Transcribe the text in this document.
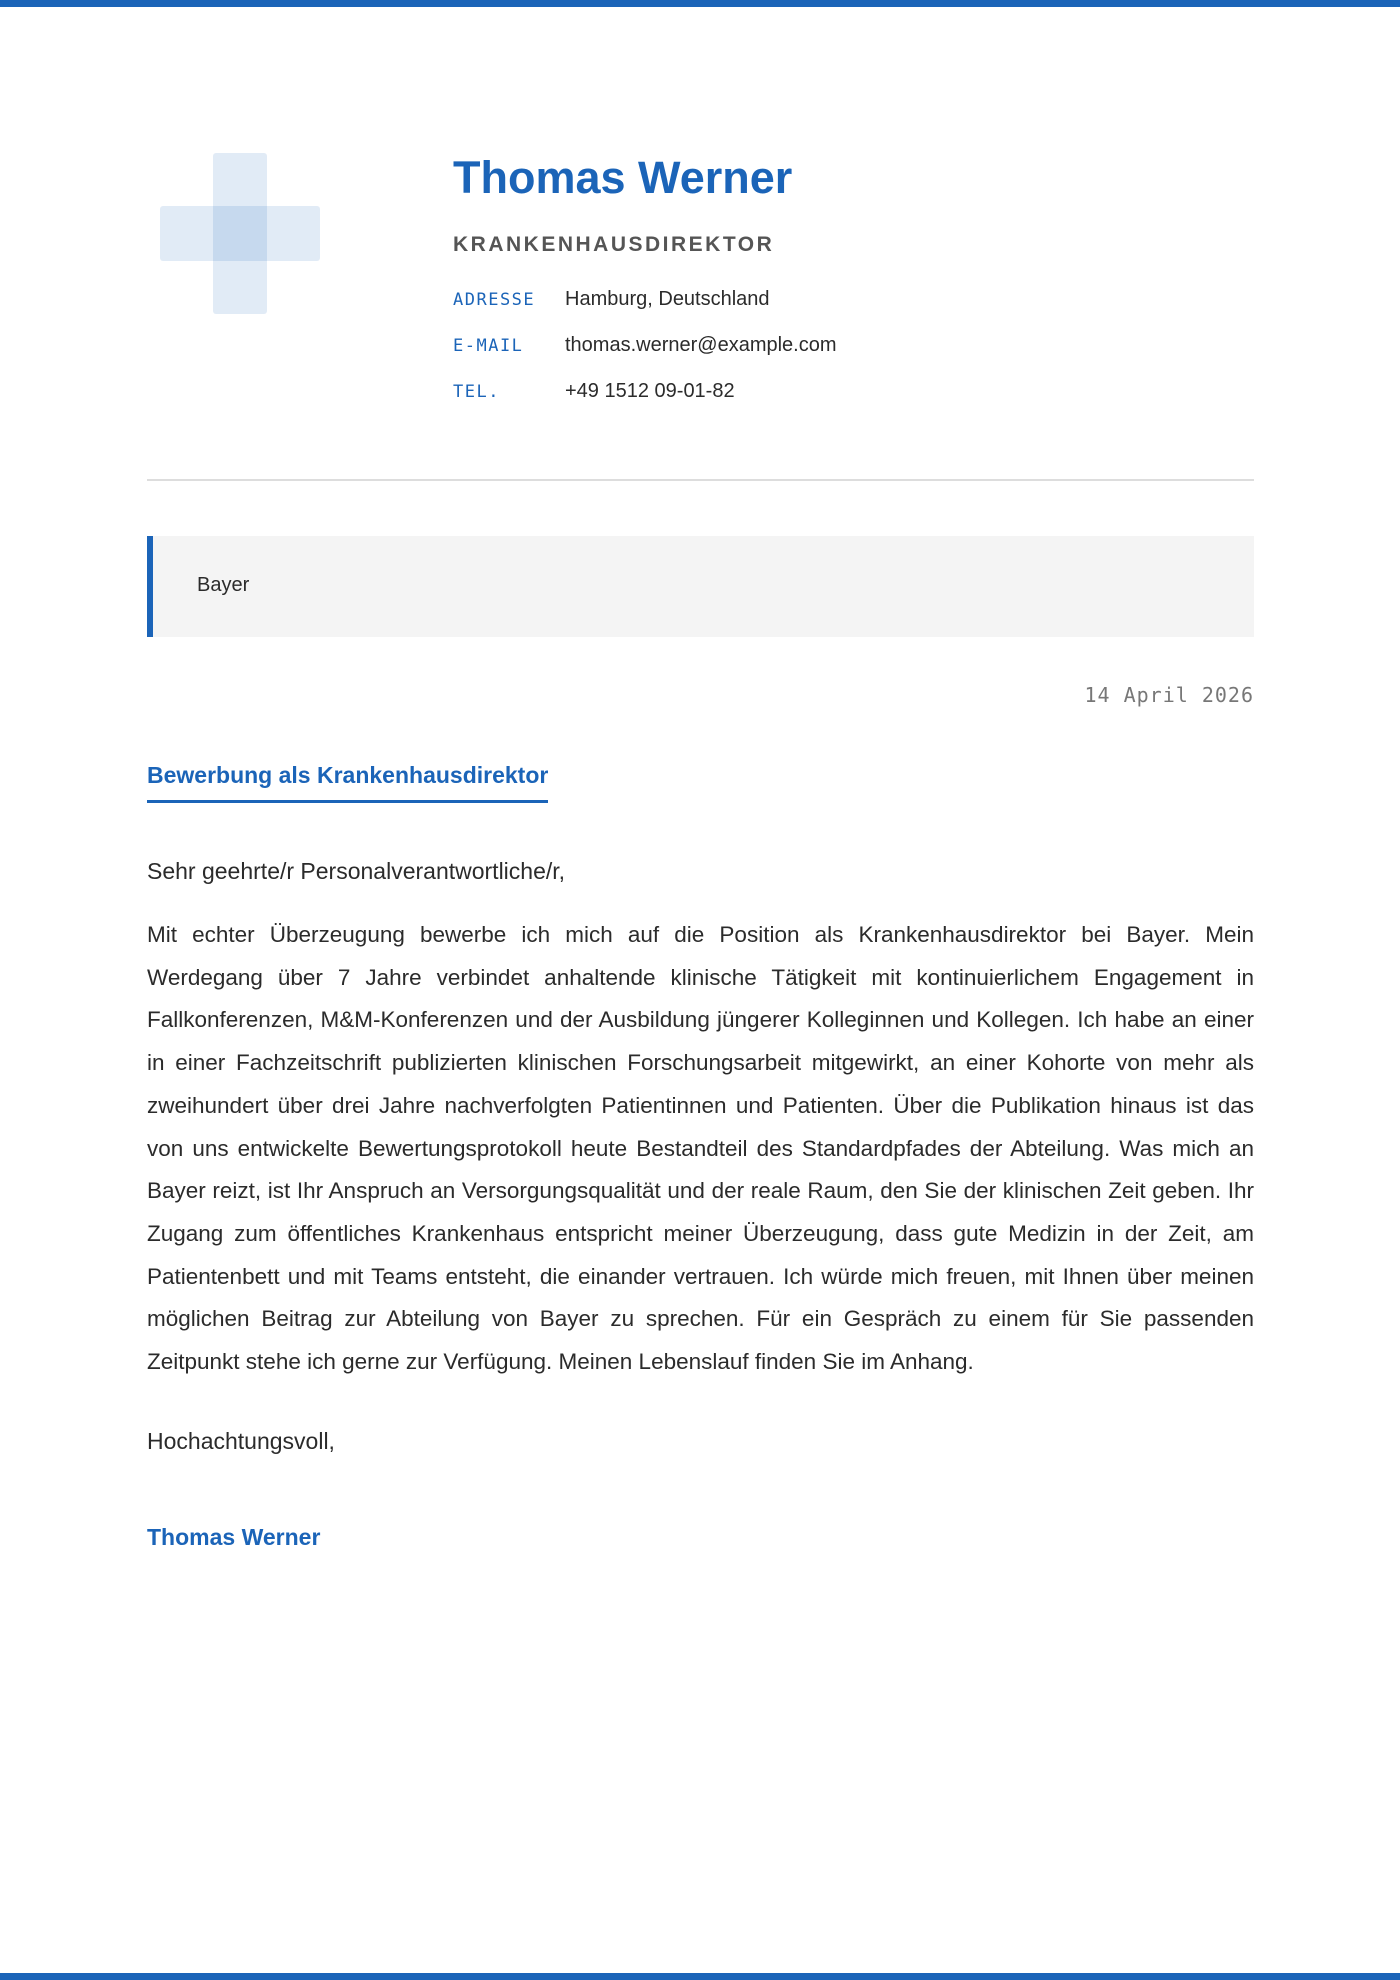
Thomas Werner
KRANKENHAUSDIREKTOR
ADRESSE	Hamburg, Deutschland
E-MAIL	thomas.werner@example.com
TEL.	+49 1512 09-01-82
Bayer
14 April 2026
Bewerbung als Krankenhausdirektor

Sehr geehrte/r Personalverantwortliche/r,

Mit echter Überzeugung bewerbe ich mich auf die Position als Krankenhausdirektor bei Bayer. Mein Werdegang über 7 Jahre verbindet anhaltende klinische Tätigkeit mit kontinuierlichem Engagement in Fallkonferenzen, M&M-Konferenzen und der Ausbildung jüngerer Kolleginnen und Kollegen. Ich habe an einer in einer Fachzeitschrift publizierten klinischen Forschungsarbeit mitgewirkt, an einer Kohorte von mehr als zweihundert über drei Jahre nachverfolgten Patientinnen und Patienten. Über die Publikation hinaus ist das von uns entwickelte Bewertungsprotokoll heute Bestandteil des Standardpfades der Abteilung. Was mich an Bayer reizt, ist Ihr Anspruch an Versorgungsqualität und der reale Raum, den Sie der klinischen Zeit geben. Ihr Zugang zum öffentliches Krankenhaus entspricht meiner Überzeugung, dass gute Medizin in der Zeit, am Patientenbett und mit Teams entsteht, die einander vertrauen. Ich würde mich freuen, mit Ihnen über meinen möglichen Beitrag zur Abteilung von Bayer zu sprechen. Für ein Gespräch zu einem für Sie passenden Zeitpunkt stehe ich gerne zur Verfügung. Meinen Lebenslauf finden Sie im Anhang.

Hochachtungsvoll,
Thomas Werner
